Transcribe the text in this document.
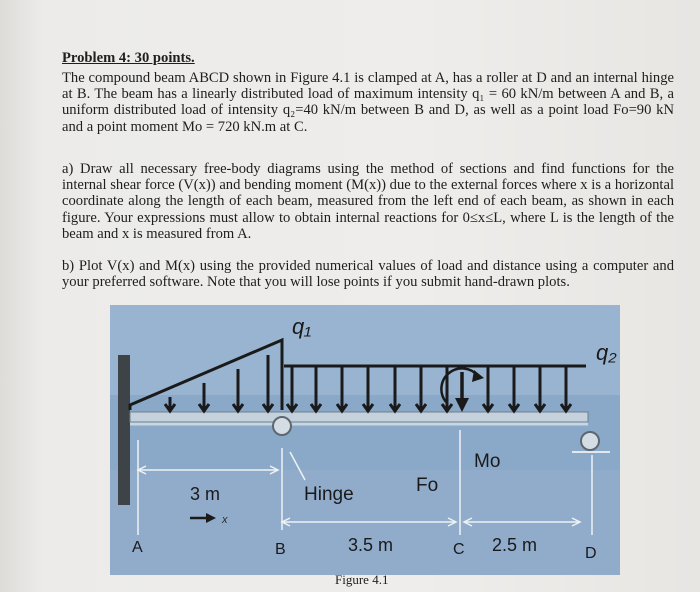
Problem 4: 30 points.
The compound beam ABCD shown in Figure 4.1 is clamped at A, has a roller at D and an internal hinge at B. The beam has a linearly distributed load of maximum intensity q₁ = 60 kN/m between A and B, a uniform distributed load of intensity q₂=40 kN/m between B and D, as well as a point load Fo=90 kN and a point moment Mo = 720 kN.m at C.
a) Draw all necessary free-body diagrams using the method of sections and find functions for the internal shear force (V(x)) and bending moment (M(x)) due to the external forces where x is a horizontal coordinate along the length of each beam, measured from the left end of each beam, as shown in each figure. Your expressions must allow to obtain internal reactions for 0≤x≤L, where L is the length of the beam and x is measured from A.
b) Plot V(x) and M(x) using the provided numerical values of load and distance using a computer and your preferred software. Note that you will lose points if you submit hand-drawn plots.
q₁
q₂
x
A	B	C	D
3 m	Hinge
3.5 m
Fo
Mo
2.5 m
Figure 4.1
